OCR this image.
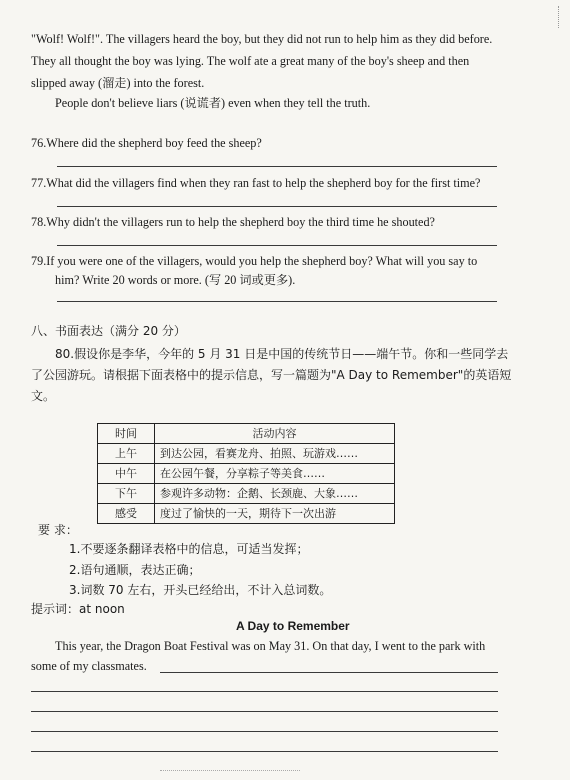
"Wolf! Wolf!". The villagers heard the boy, but they did not run to help him as they did before.
They all thought the boy was lying. The wolf ate a great many of the boy's sheep and then
slipped away (溜走) into the forest.
People don't believe liars (说谎者) even when they tell the truth.
76.Where did the shepherd boy feed the sheep?
77.What did the villagers find when they ran fast to help the shepherd boy for the first time?
78.Why didn't the villagers run to help the shepherd boy the third time he shouted?
79.If you were one of the villagers, would you help the shepherd boy? What will you say to
him? Write 20 words or more. (写 20 词或更多).
八、书面表达（满分 20 分）
80.假设你是李华，今年的 5 月 31 日是中国的传统节日——端午节。你和一些同学去
了公园游玩。请根据下面表格中的提示信息，写一篇题为"A Day to Remember"的英语短
文。
时间	活动内容
上午	到达公园，看赛龙舟、拍照、玩游戏……
中午	在公园午餐，分享粽子等美食……
下午	参观许多动物：企鹅、长颈鹿、大象……
感受	度过了愉快的一天，期待下一次出游
要 求：
1.不要逐条翻译表格中的信息，可适当发挥；
2.语句通顺，表达正确；
3.词数 70 左右，开头已经给出，不计入总词数。
提示词：at noon
A Day to Remember
This year, the Dragon Boat Festival was on May 31. On that day, I went to the park with
some of my classmates.
